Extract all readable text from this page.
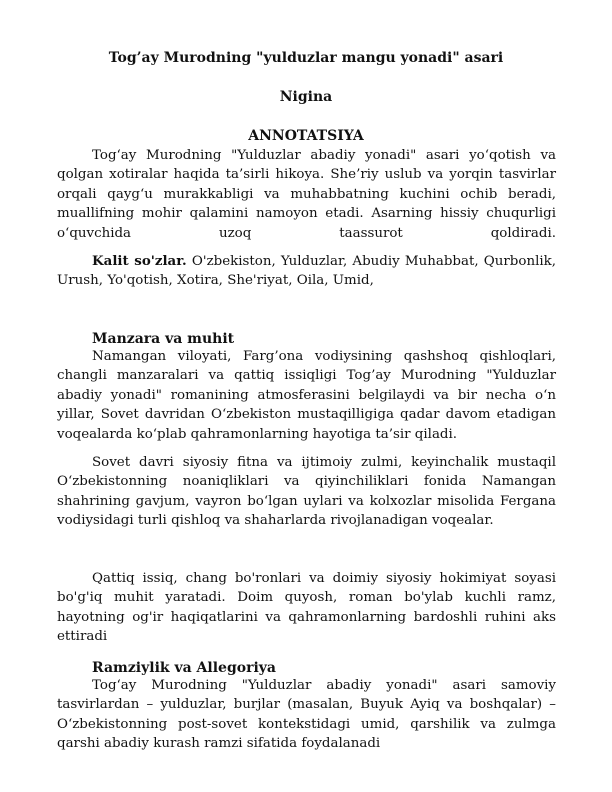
Tog’ay Murodning "yulduzlar mangu yonadi" asari
Nigina
ANNOTATSIYA

Tog‘ay Murodning "Yulduzlar abadiy yonadi" asari yo‘qotish va qolgan xotiralar haqida ta’sirli hikoya. She’riy uslub va yorqin tasvirlar orqali qayg‘u murakkabligi va muhabbatning kuchini ochib beradi, muallifning mohir qalamini namoyon etadi. Asarning hissiy chuqurligi o‘quvchida uzoq taassurot qoldiradi.

Kalit so'zlar. O'zbekiston, Yulduzlar, Abudiy Muhabbat, Qurbonlik, Urush, Yo'qotish, Xotira, She'riyat, Oila, Umid,

Manzara va muhit

Namangan viloyati, Farg’ona vodiysining qashshoq qishloqlari, changli manzaralari va qattiq issiqligi Tog’ay Murodning "Yulduzlar abadiy yonadi" romanining atmosferasini belgilaydi va bir necha o‘n yillar, Sovet davridan O‘zbekiston mustaqilligiga qadar davom etadigan voqealarda ko‘plab qahramonlarning hayotiga ta’sir qiladi.

Sovet davri siyosiy fitna va ijtimoiy zulmi, keyinchalik mustaqil O‘zbekistonning noaniqliklari va qiyinchiliklari fonida Namangan shahrining gavjum, vayron bo‘lgan uylari va kolxozlar misolida Fergana vodiysidagi turli qishloq va shaharlarda rivojlanadigan voqealar.

Qattiq issiq, chang bo'ronlari va doimiy siyosiy hokimiyat soyasi bo'g'iq muhit yaratadi. Doim quyosh, roman bo'ylab kuchli ramz, hayotning og'ir haqiqatlarini va qahramonlarning bardoshli ruhini aks ettiradi

Ramziylik va Allegoriya

Tog‘ay Murodning "Yulduzlar abadiy yonadi" asari samoviy tasvirlardan – yulduzlar, burjlar (masalan, Buyuk Ayiq va boshqalar) – O‘zbekistonning post-sovet kontekstidagi umid, qarshilik va zulmga qarshi abadiy kurash ramzi sifatida foydalanadi
